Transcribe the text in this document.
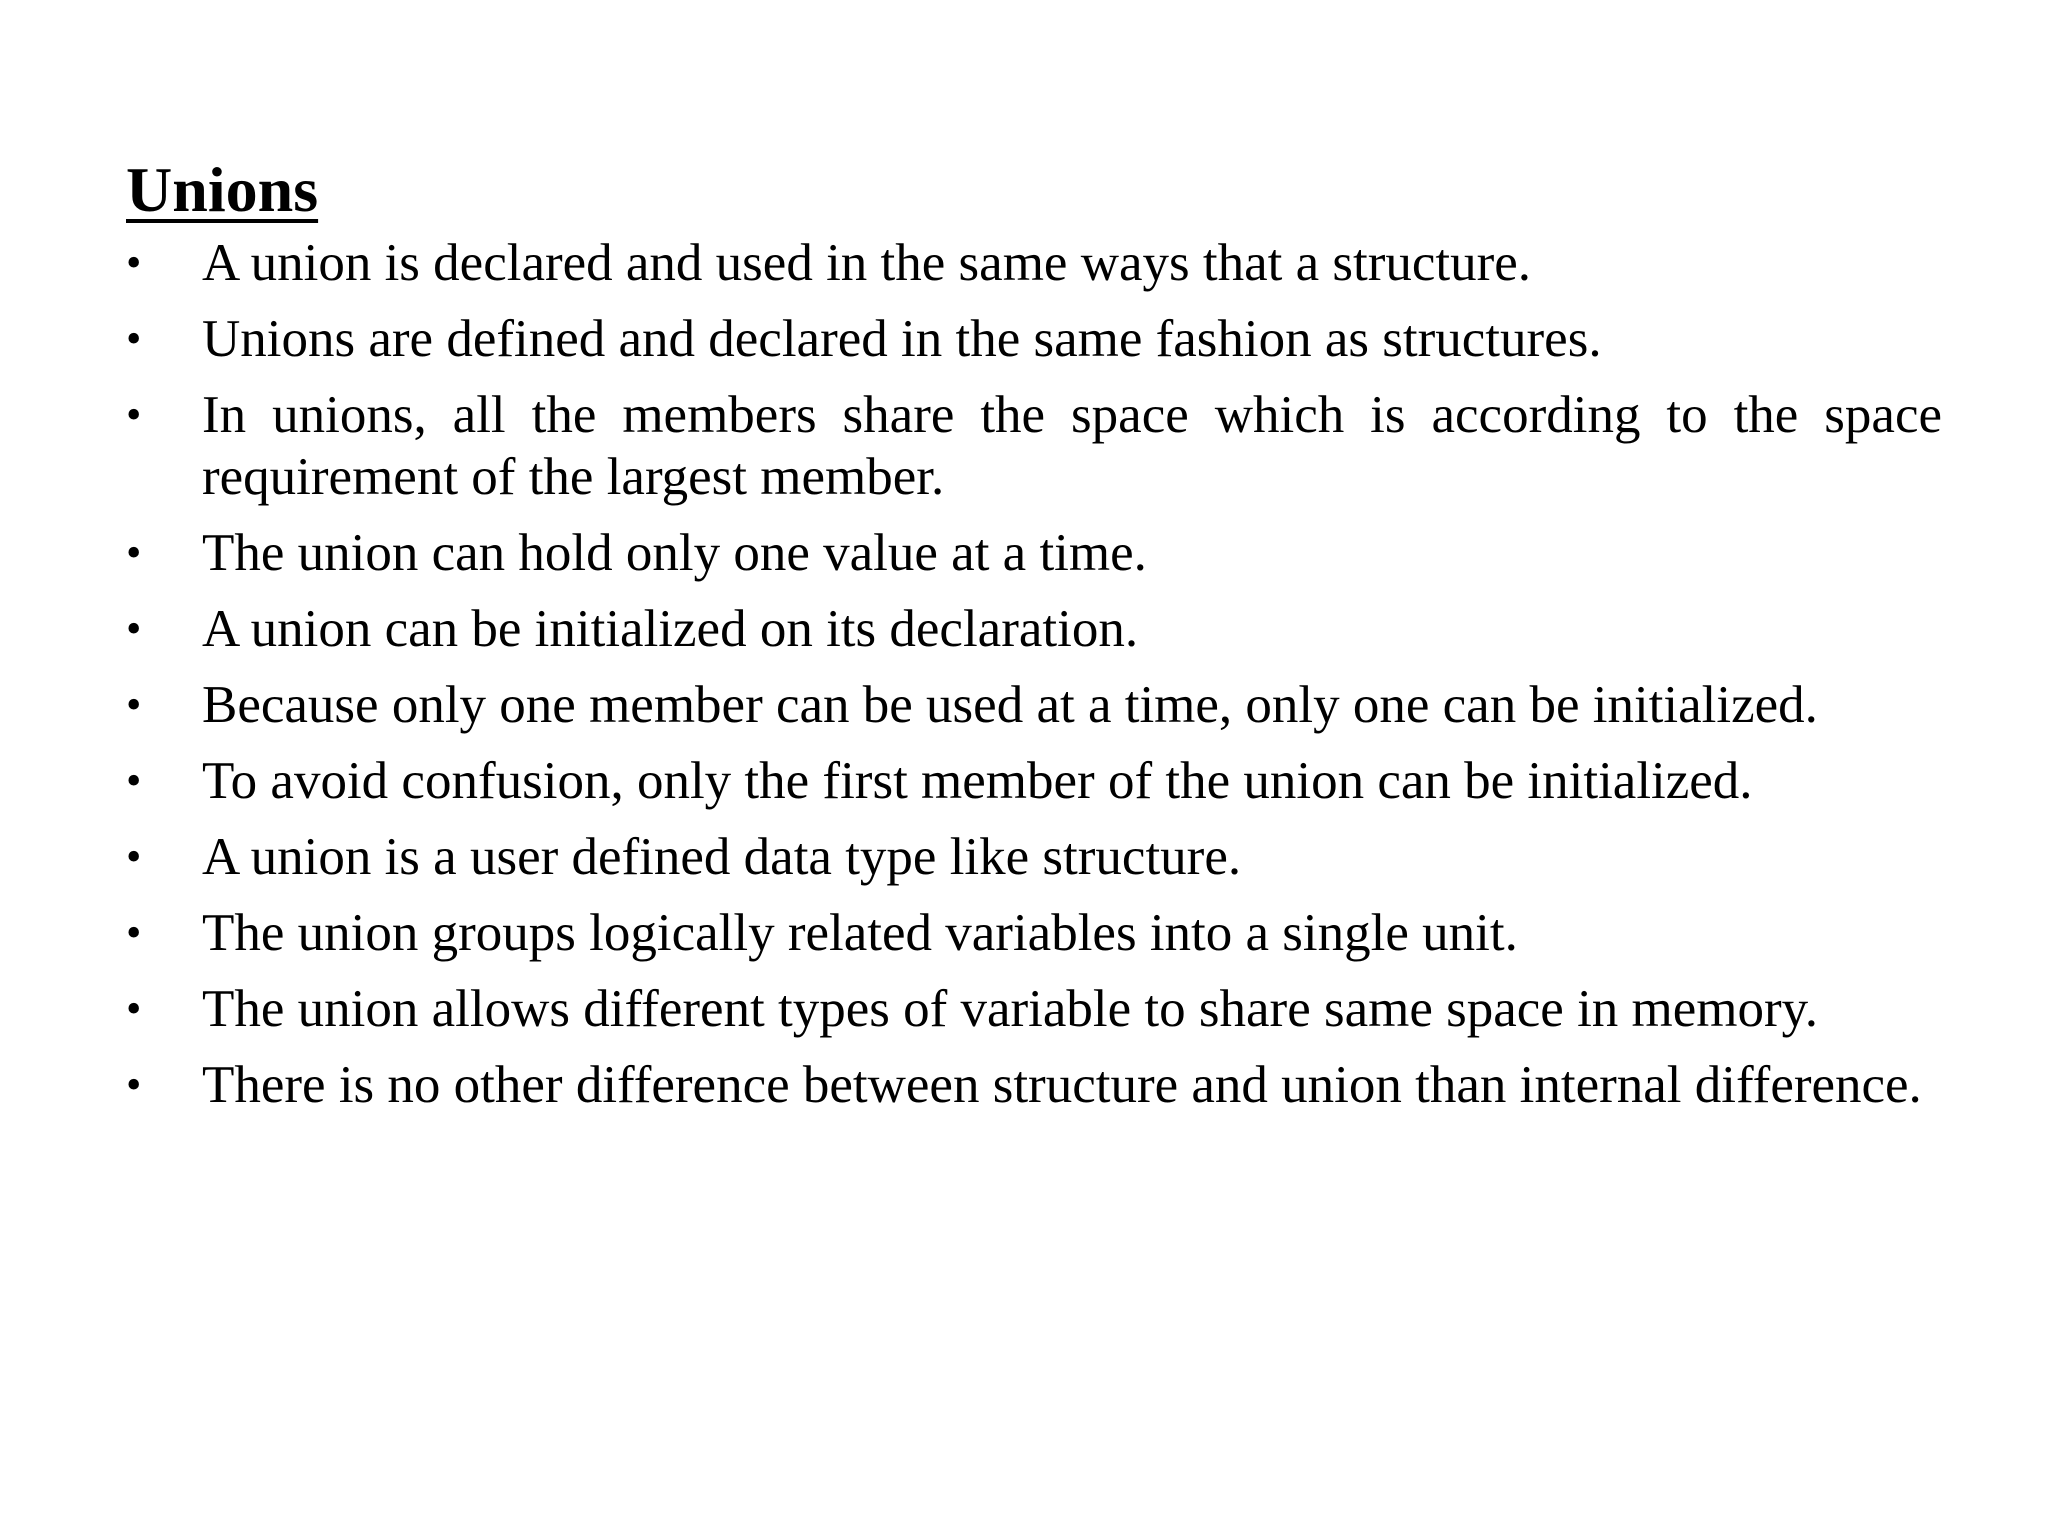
Unions
•	A union is declared and used in the same ways that a structure.
•	Unions are defined and declared in the same fashion as structures.
•	In unions, all the members share the space which is according to the space requirement of the largest member.
•	The union can hold only one value at a time.
•	A union can be initialized on its declaration.
•	Because only one member can be used at a time, only one can be initialized.
•	To avoid confusion, only the first member of the union can be initialized.
•	A union is a user defined data type like structure.
•	The union groups logically related variables into a single unit.
•	The union allows different types of variable to share same space in memory.
•	There is no other difference between structure and union than internal difference.
